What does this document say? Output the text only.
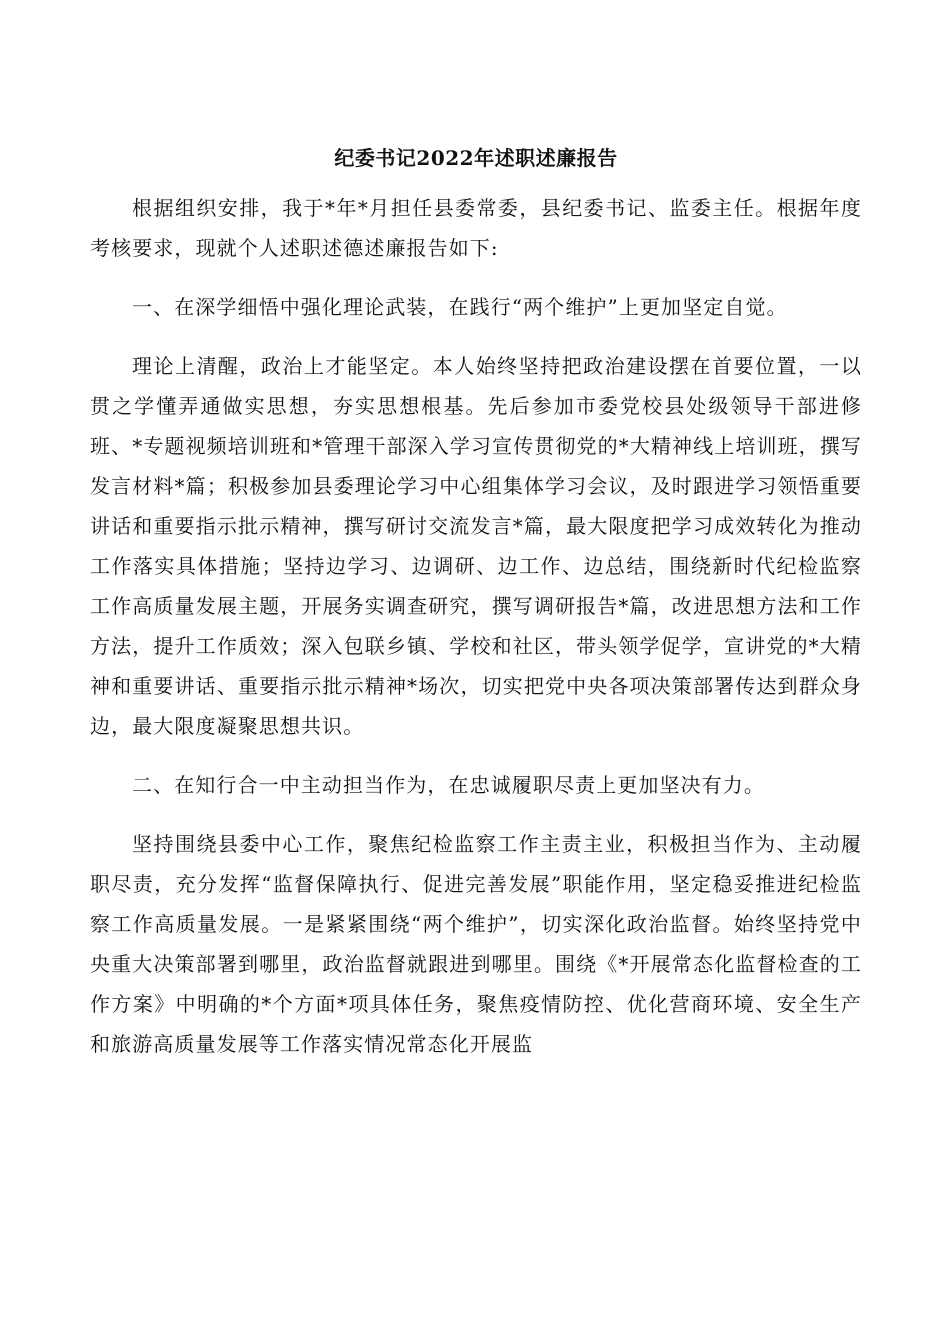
纪委书记2022年述职述廉报告

根据组织安排，我于*年*月担任县委常委，县纪委书记、监委主任。根据年度考核要求，现就个人述职述德述廉报告如下:

一、在深学细悟中强化理论武装，在践行“两个维护”上更加坚定自觉。

理论上清醒，政治上才能坚定。本人始终坚持把政治建设摆在首要位置，一以贯之学懂弄通做实思想，夯实思想根基。先后参加市委党校县处级领导干部进修班、*专题视频培训班和*管理干部深入学习宣传贯彻党的*大精神线上培训班，撰写发言材料*篇；积极参加县委理论学习中心组集体学习会议，及时跟进学习领悟重要讲话和重要指示批示精神，撰写研讨交流发言*篇，最大限度把学习成效转化为推动工作落实具体措施；坚持边学习、边调研、边工作、边总结，围绕新时代纪检监察工作高质量发展主题，开展务实调查研究，撰写调研报告*篇，改进思想方法和工作方法，提升工作质效；深入包联乡镇、学校和社区，带头领学促学，宣讲党的*大精神和重要讲话、重要指示批示精神*场次，切实把党中央各项决策部署传达到群众身边，最大限度凝聚思想共识。

二、在知行合一中主动担当作为，在忠诚履职尽责上更加坚决有力。

坚持围绕县委中心工作，聚焦纪检监察工作主责主业，积极担当作为、主动履职尽责，充分发挥“监督保障执行、促进完善发展”职能作用，坚定稳妥推进纪检监察工作高质量发展。一是紧紧围绕“两个维护”，切实深化政治监督。始终坚持党中央重大决策部署到哪里，政治监督就跟进到哪里。围绕《*开展常态化监督检查的工作方案》中明确的*个方面*项具体任务，聚焦疫情防控、优化营商环境、安全生产和旅游高质量发展等工作落实情况常态化开展监
